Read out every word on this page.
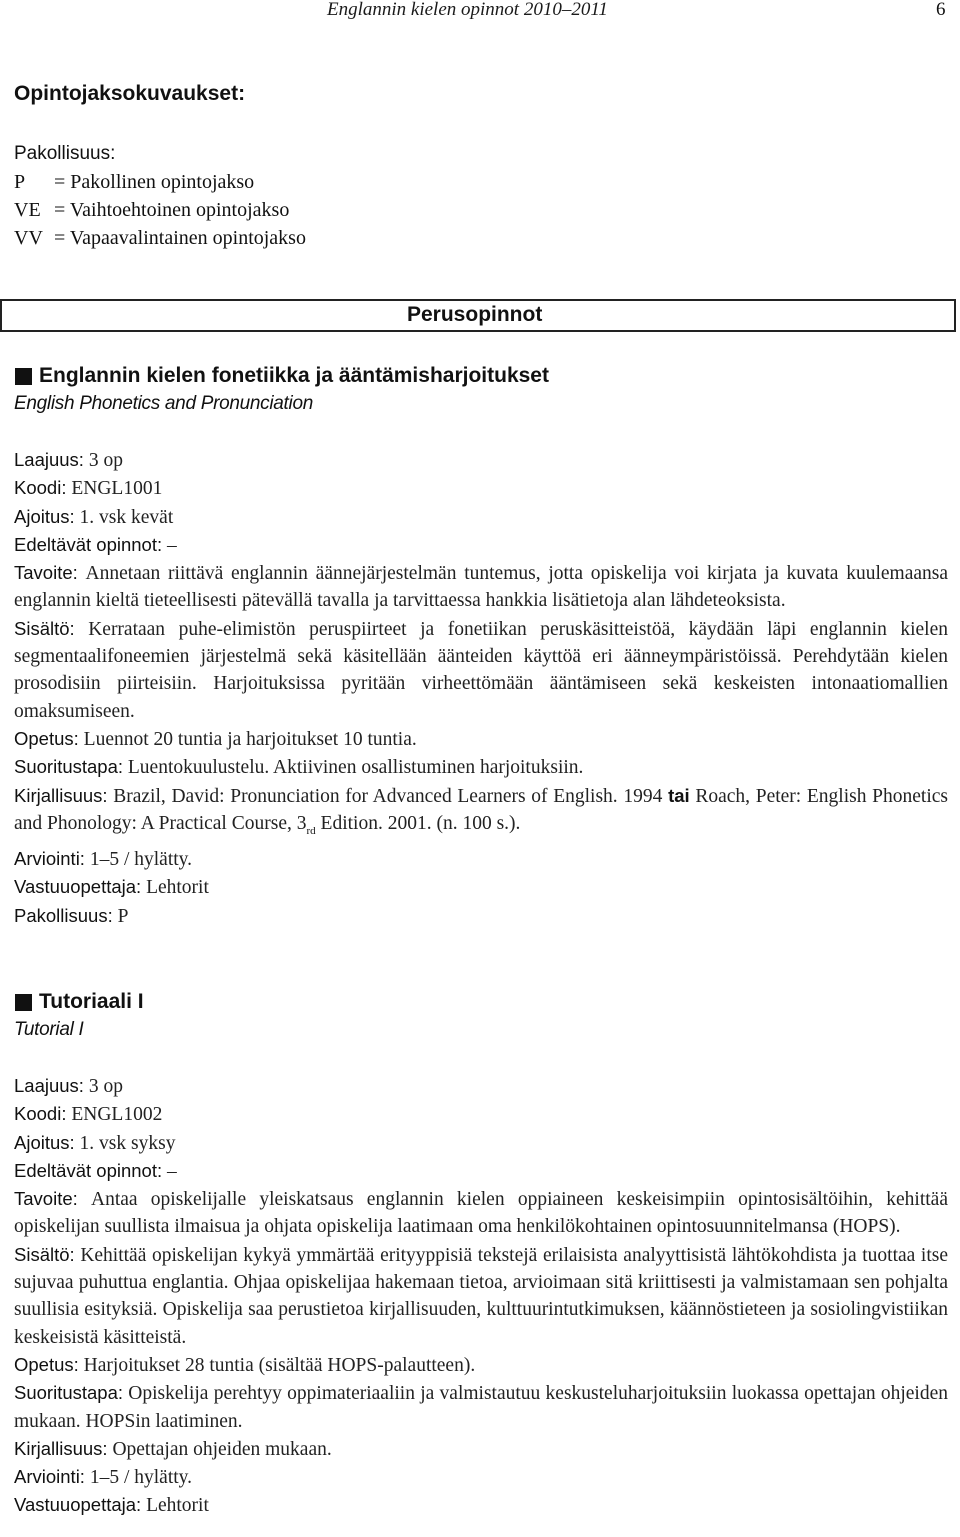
Englannin kielen opinnot 2010–2011	6
Opintojaksokuvaukset:
Pakollisuus:
P = Pakollinen opintojakso
VE = Vaihtoehtoinen opintojakso
VV = Vapaavalintainen opintojakso
Perusopinnot
Englannin kielen fonetiikka ja ääntämisharjoitukset
English Phonetics and Pronunciation
Laajuus: 3 op
Koodi: ENGL1001
Ajoitus: 1. vsk kevät
Edeltävät opinnot: –
Tavoite: Annetaan riittävä englannin äännejärjestelmän tuntemus, jotta opiskelija voi kirjata ja kuvata kuulemaansa englannin kieltä tieteellisesti pätevällä tavalla ja tarvittaessa hankkia lisätietoja alan lähdeteoksista.
Sisältö: Kerrataan puhe-elimistön peruspiirteet ja fonetiikan peruskäsitteistöä, käydään läpi englannin kielen segmentaalifoneemien järjestelmä sekä käsitellään äänteiden käyttöä eri äänneympäristöissä. Perehdytään kielen prosodisiin piirteisiin. Harjoituksissa pyritään virheettömään ääntämiseen sekä keskeisten intonaatiomallien omaksumiseen.
Opetus: Luennot 20 tuntia ja harjoitukset 10 tuntia.
Suoritustapa: Luentokuulustelu. Aktiivinen osallistuminen harjoituksiin.
Kirjallisuus: Brazil, David: Pronunciation for Advanced Learners of English. 1994 tai Roach, Peter: English Phonetics and Phonology: A Practical Course, $3_{rd}$ Edition. 2001. (n. 100 s.).
Arviointi: 1–5 / hylätty.
Vastuuopettaja: Lehtorit
Pakollisuus: P
Tutoriaali I
Tutorial I
Laajuus: 3 op
Koodi: ENGL1002
Ajoitus: 1. vsk syksy
Edeltävät opinnot: –
Tavoite: Antaa opiskelijalle yleiskatsaus englannin kielen oppiaineen keskeisimpiin opintosisältöihin, kehittää opiskelijan suullista ilmaisua ja ohjata opiskelija laatimaan oma henkilökohtainen opintosuunnitelmansa (HOPS).
Sisältö: Kehittää opiskelijan kykyä ymmärtää erityyppisiä tekstejä erilaisista analyyttisistä lähtökohdista ja tuottaa itse sujuvaa puhuttua englantia. Ohjaa opiskelijaa hakemaan tietoa, arvioimaan sitä kriittisesti ja valmistamaan sen pohjalta suullisia esityksiä. Opiskelija saa perustietoa kirjallisuuden, kulttuurintutkimuksen, käännöstieteen ja sosiolingvistiikan keskeisistä käsitteistä.
Opetus: Harjoitukset 28 tuntia (sisältää HOPS-palautteen).
Suoritustapa: Opiskelija perehtyy oppimateriaaliin ja valmistautuu keskusteluharjoituksiin luokassa opettajan ohjeiden mukaan. HOPSin laatiminen.
Kirjallisuus: Opettajan ohjeiden mukaan.
Arviointi: 1–5 / hylätty.
Vastuuopettaja: Lehtorit
